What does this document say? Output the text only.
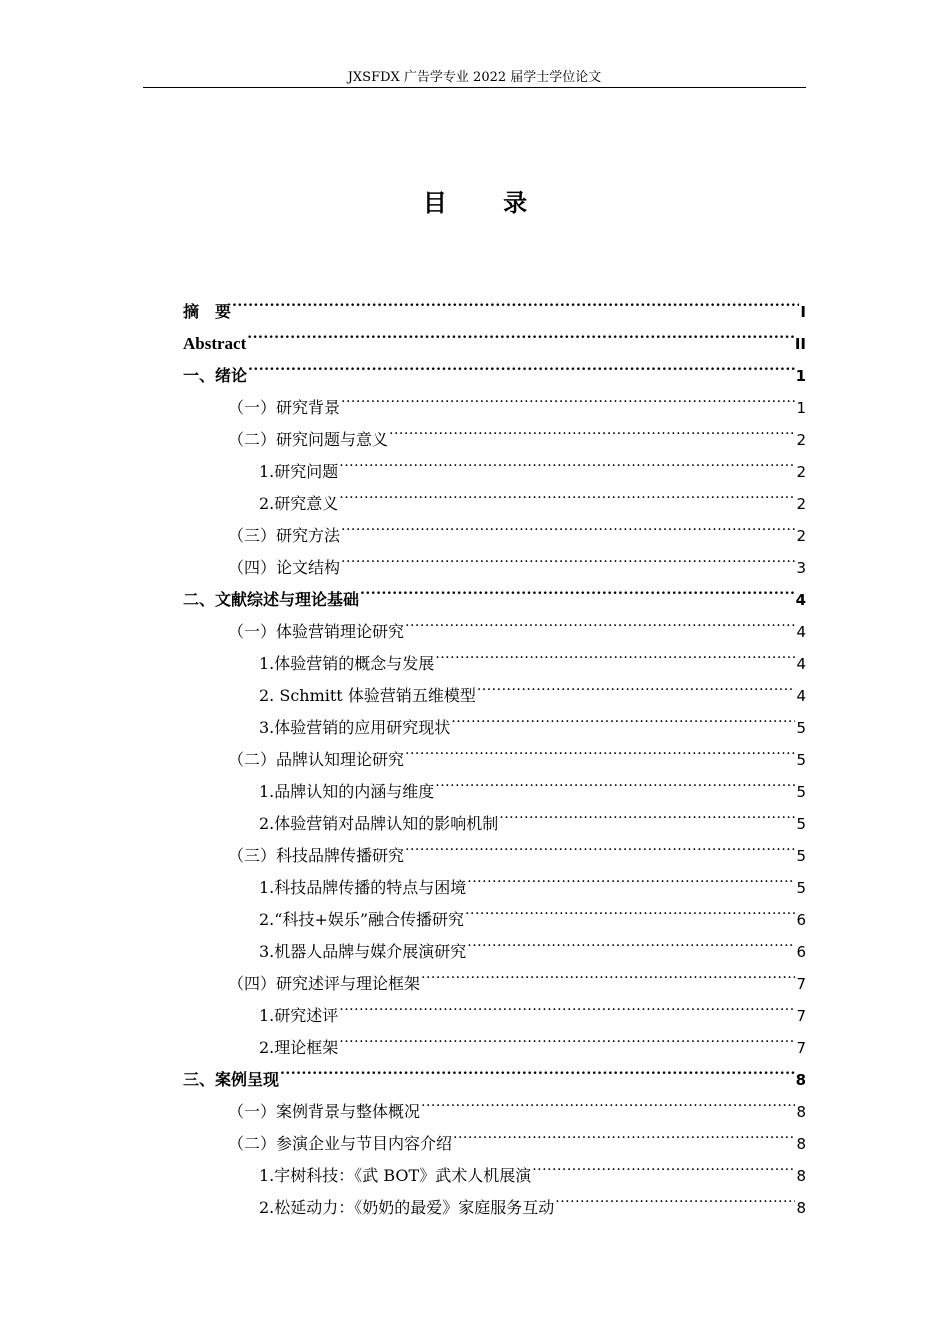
JXSFDX 广告学专业 2022 届学士学位论文
目 录
摘　要 .....	I
Abstract .....	II
一、绪论 .....	1
（一）研究背景 .....	1
（二）研究问题与意义 .....	2
1.研究问题 .....	2
2.研究意义 .....	2
（三）研究方法 .....	2
（四）论文结构 .....	3
二、文献综述与理论基础 .....	4
（一）体验营销理论研究 .....	4
1.体验营销的概念与发展 .....	4
2. Schmitt 体验营销五维模型 .....	4
3.体验营销的应用研究现状 .....	5
（二）品牌认知理论研究 .....	5
1.品牌认知的内涵与维度 .....	5
2.体验营销对品牌认知的影响机制 .....	5
（三）科技品牌传播研究 .....	5
1.科技品牌传播的特点与困境 .....	5
2.“科技+娱乐”融合传播研究 .....	6
3.机器人品牌与媒介展演研究 .....	6
（四）研究述评与理论框架 .....	7
1.研究述评 .....	7
2.理论框架 .....	7
三、案例呈现 .....	8
（一）案例背景与整体概况 .....	8
（二）参演企业与节目内容介绍 .....	8
1.宇树科技：《武 BOT》武术人机展演 .....	8
2.松延动力：《奶奶的最爱》家庭服务互动 .....	8
